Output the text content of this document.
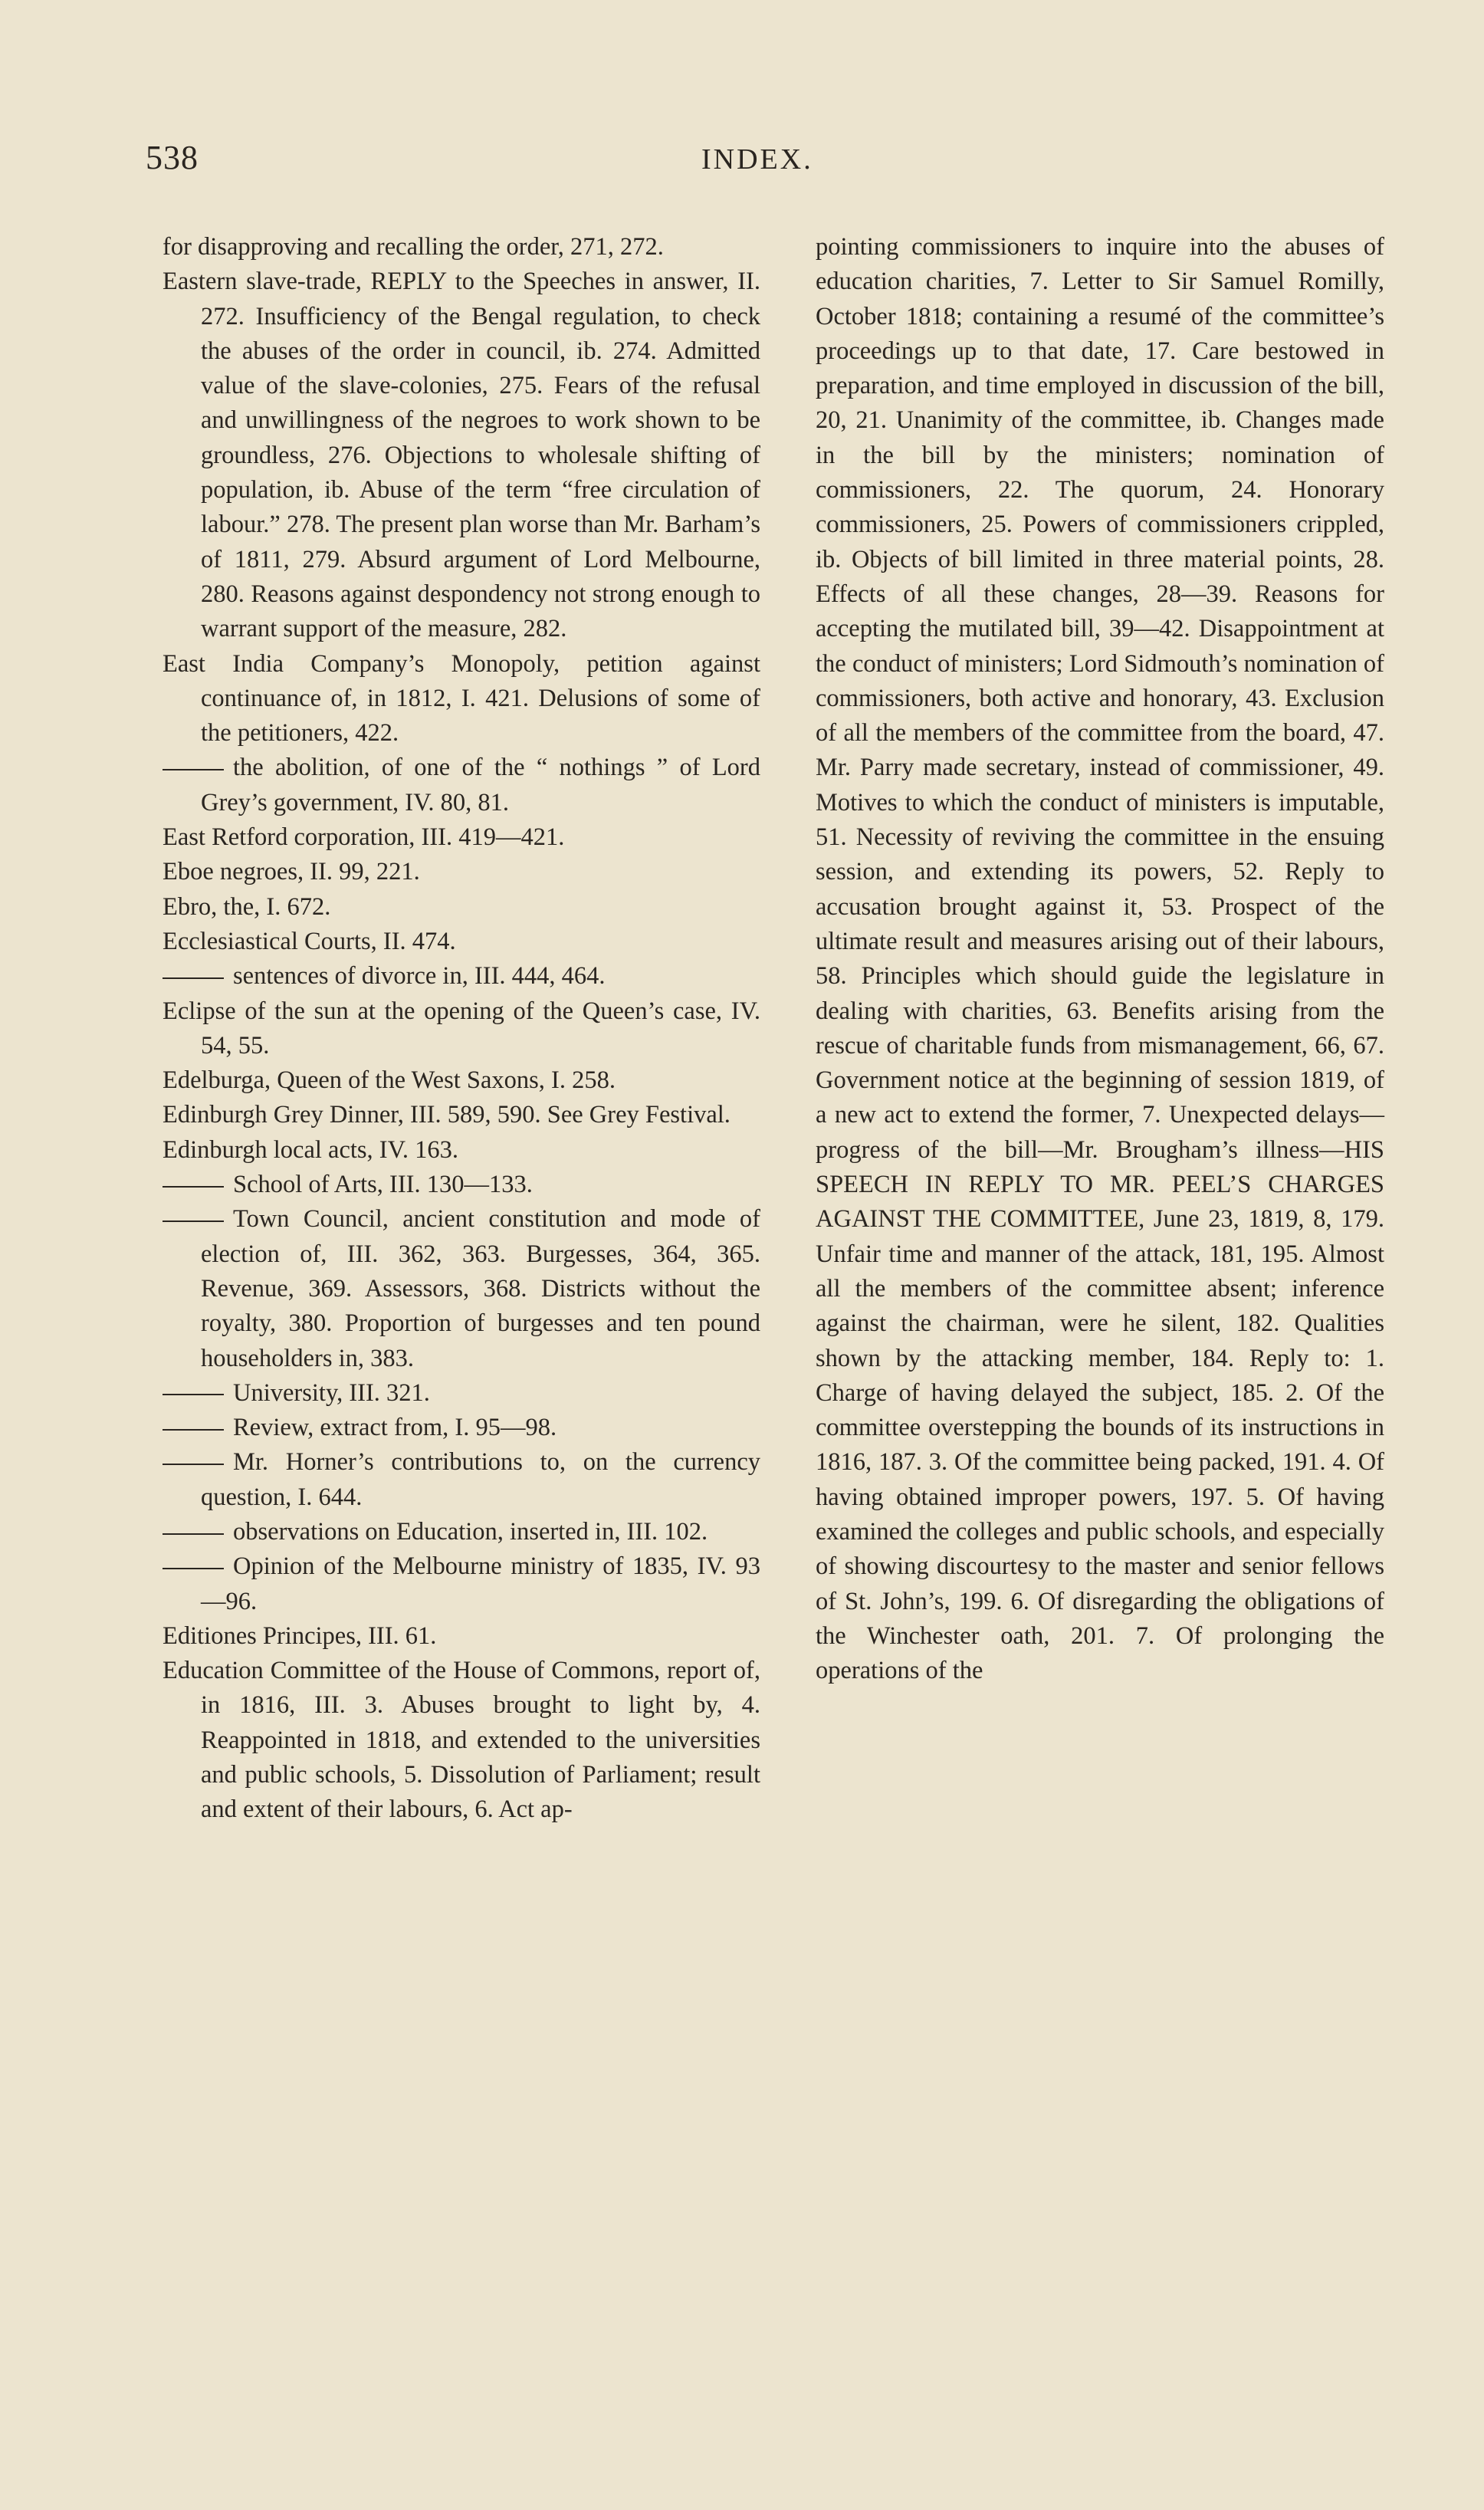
538	INDEX.

for disapproving and recalling the order, 271, 272.

Eastern slave-trade, REPLY to the Speeches in answer, II. 272. Insufficiency of the Bengal regulation, to check the abuses of the order in council, ib. 274. Admitted value of the slave-colonies, 275. Fears of the refusal and unwillingness of the negroes to work shown to be groundless, 276. Objections to wholesale shifting of population, ib. Abuse of the term “free circulation of labour.” 278. The present plan worse than Mr. Barham’s of 1811, 279. Absurd argument of Lord Melbourne, 280. Reasons against despondency not strong enough to warrant support of the measure, 282.

East India Company’s Monopoly, petition against continuance of, in 1812, I. 421. Delusions of some of the petitioners, 422.

the abolition, of one of the “ nothings ” of Lord Grey’s government, IV. 80, 81.

East Retford corporation, III. 419—421.

Eboe negroes, II. 99, 221.

Ebro, the, I. 672.

Ecclesiastical Courts, II. 474.

sentences of divorce in, III. 444, 464.

Eclipse of the sun at the opening of the Queen’s case, IV. 54, 55.

Edelburga, Queen of the West Saxons, I. 258.

Edinburgh Grey Dinner, III. 589, 590. See Grey Festival.

Edinburgh local acts, IV. 163.

School of Arts, III. 130—133.

Town Council, ancient constitution and mode of election of, III. 362, 363. Burgesses, 364, 365. Revenue, 369. Assessors, 368. Districts without the royalty, 380. Proportion of burgesses and ten pound householders in, 383.

University, III. 321.

Review, extract from, I. 95—98.

Mr. Horner’s contributions to, on the currency question, I. 644.

observations on Education, inserted in, III. 102.

Opinion of the Melbourne ministry of 1835, IV. 93—96.

Editiones Principes, III. 61.

Education Committee of the House of Commons, report of, in 1816, III. 3. Abuses brought to light by, 4. Reappointed in 1818, and extended to the universities and public schools, 5. Dissolution of Parliament; result and extent of their labours, 6. Act ap-

pointing commissioners to inquire into the abuses of education charities, 7. Letter to Sir Samuel Romilly, October 1818; containing a resumé of the committee’s proceedings up to that date, 17. Care bestowed in preparation, and time employed in discussion of the bill, 20, 21. Unanimity of the committee, ib. Changes made in the bill by the ministers; nomination of commissioners, 22. The quorum, 24. Honorary commissioners, 25. Powers of commissioners crippled, ib. Objects of bill limited in three material points, 28. Effects of all these changes, 28—39. Reasons for accepting the mutilated bill, 39—42. Disappointment at the conduct of ministers; Lord Sidmouth’s nomination of commissioners, both active and honorary, 43. Exclusion of all the members of the committee from the board, 47. Mr. Parry made secretary, instead of commissioner, 49. Motives to which the conduct of ministers is imputable, 51. Necessity of reviving the committee in the ensuing session, and extending its powers, 52. Reply to accusation brought against it, 53. Prospect of the ultimate result and measures arising out of their labours, 58. Principles which should guide the legislature in dealing with charities, 63. Benefits arising from the rescue of charitable funds from mismanagement, 66, 67. Government notice at the beginning of session 1819, of a new act to extend the former, 7. Unexpected delays—progress of the bill—Mr. Brougham’s illness—HIS SPEECH IN REPLY TO MR. PEEL’S CHARGES AGAINST THE COMMITTEE, June 23, 1819, 8, 179. Unfair time and manner of the attack, 181, 195. Almost all the members of the committee absent; inference against the chairman, were he silent, 182. Qualities shown by the attacking member, 184. Reply to: 1. Charge of having delayed the subject, 185. 2. Of the committee overstepping the bounds of its instructions in 1816, 187. 3. Of the committee being packed, 191. 4. Of having obtained improper powers, 197. 5. Of having examined the colleges and public schools, and especially of showing discourtesy to the master and senior fellows of St. John’s, 199. 6. Of disregarding the obligations of the Winchester oath, 201. 7. Of prolonging the operations of the
